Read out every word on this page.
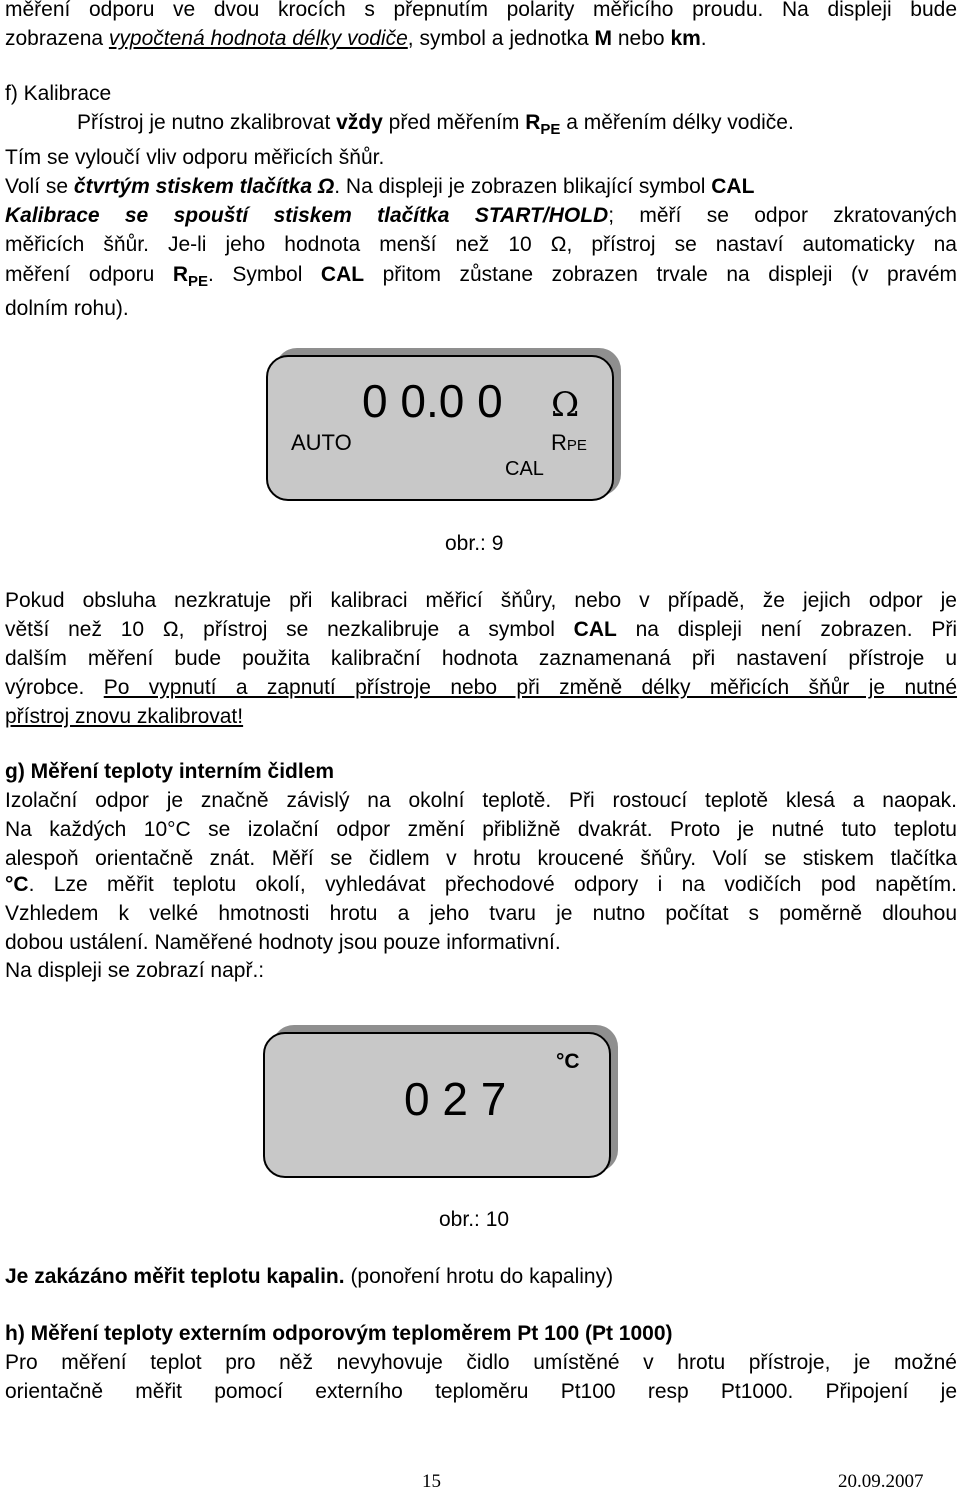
měření odporu ve dvou krocích s přepnutím polarity měřicího proudu. Na displeji bude

zobrazena vypočtená hodnota délky vodiče, symbol a jednotka M nebo km.

f) Kalibrace

Přístroj je nutno zkalibrovat vždy před měřením $R_{PE}$ a měřením délky vodiče.

Tím se vyloučí vliv odporu měřicích šňůr.

Volí se čtvrtým stiskem tlačítka Ω. Na displeji je zobrazen blikající symbol CAL

Kalibrace se spouští stiskem tlačítka START/HOLD; měří se odpor zkratovaných

měřicích šňůr. Je-li jeho hodnota menší než 10 Ω, přístroj se nastaví automaticky na

měření odporu $R_{PE}$. Symbol CAL přitom zůstane zobrazen trvale na displeji (v pravém

dolním rohu).

0 0.0 0 Ω
AUTO	RPE
CAL
obr.: 9

Pokud obsluha nezkratuje při kalibraci měřicí šňůry, nebo v případě, že jejich odpor je

větší než 10 Ω, přístroj se nezkalibruje a symbol CAL na displeji není zobrazen. Při

dalším měření bude použita kalibrační hodnota zaznamenaná při nastavení přístroje u

výrobce. Po vypnutí a zapnutí přístroje nebo při změně délky měřicích šňůr je nutné

přístroj znovu zkalibrovat!

g) Měření teploty interním čidlem

Izolační odpor je značně závislý na okolní teplotě. Při rostoucí teplotě klesá a naopak.

Na každých 10°C se izolační odpor změní přibližně dvakrát. Proto je nutné tuto teplotu

alespoň orientačně znát. Měří se čidlem v hrotu kroucené šňůry. Volí se stiskem tlačítka

°C. Lze měřit teplotu okolí, vyhledávat přechodové odpory i na vodičích pod napětím.

Vzhledem k velké hmotnosti hrotu a jeho tvaru je nutno počítat s poměrně dlouhou

dobou ustálení. Naměřené hodnoty jsou pouze informativní.

Na displeji se zobrazí např.:

0 2 7
°C
obr.: 10

Je zakázáno měřit teplotu kapalin. (ponoření hrotu do kapaliny)

h) Měření teploty externím odporovým teploměrem Pt 100 (Pt 1000)

Pro měření teplot pro něž nevyhovuje čidlo umístěné v hrotu přístroje, je možné

orientačně měřit pomocí externího teploměru Pt100 resp Pt1000. Připojení je

15	20.09.2007
